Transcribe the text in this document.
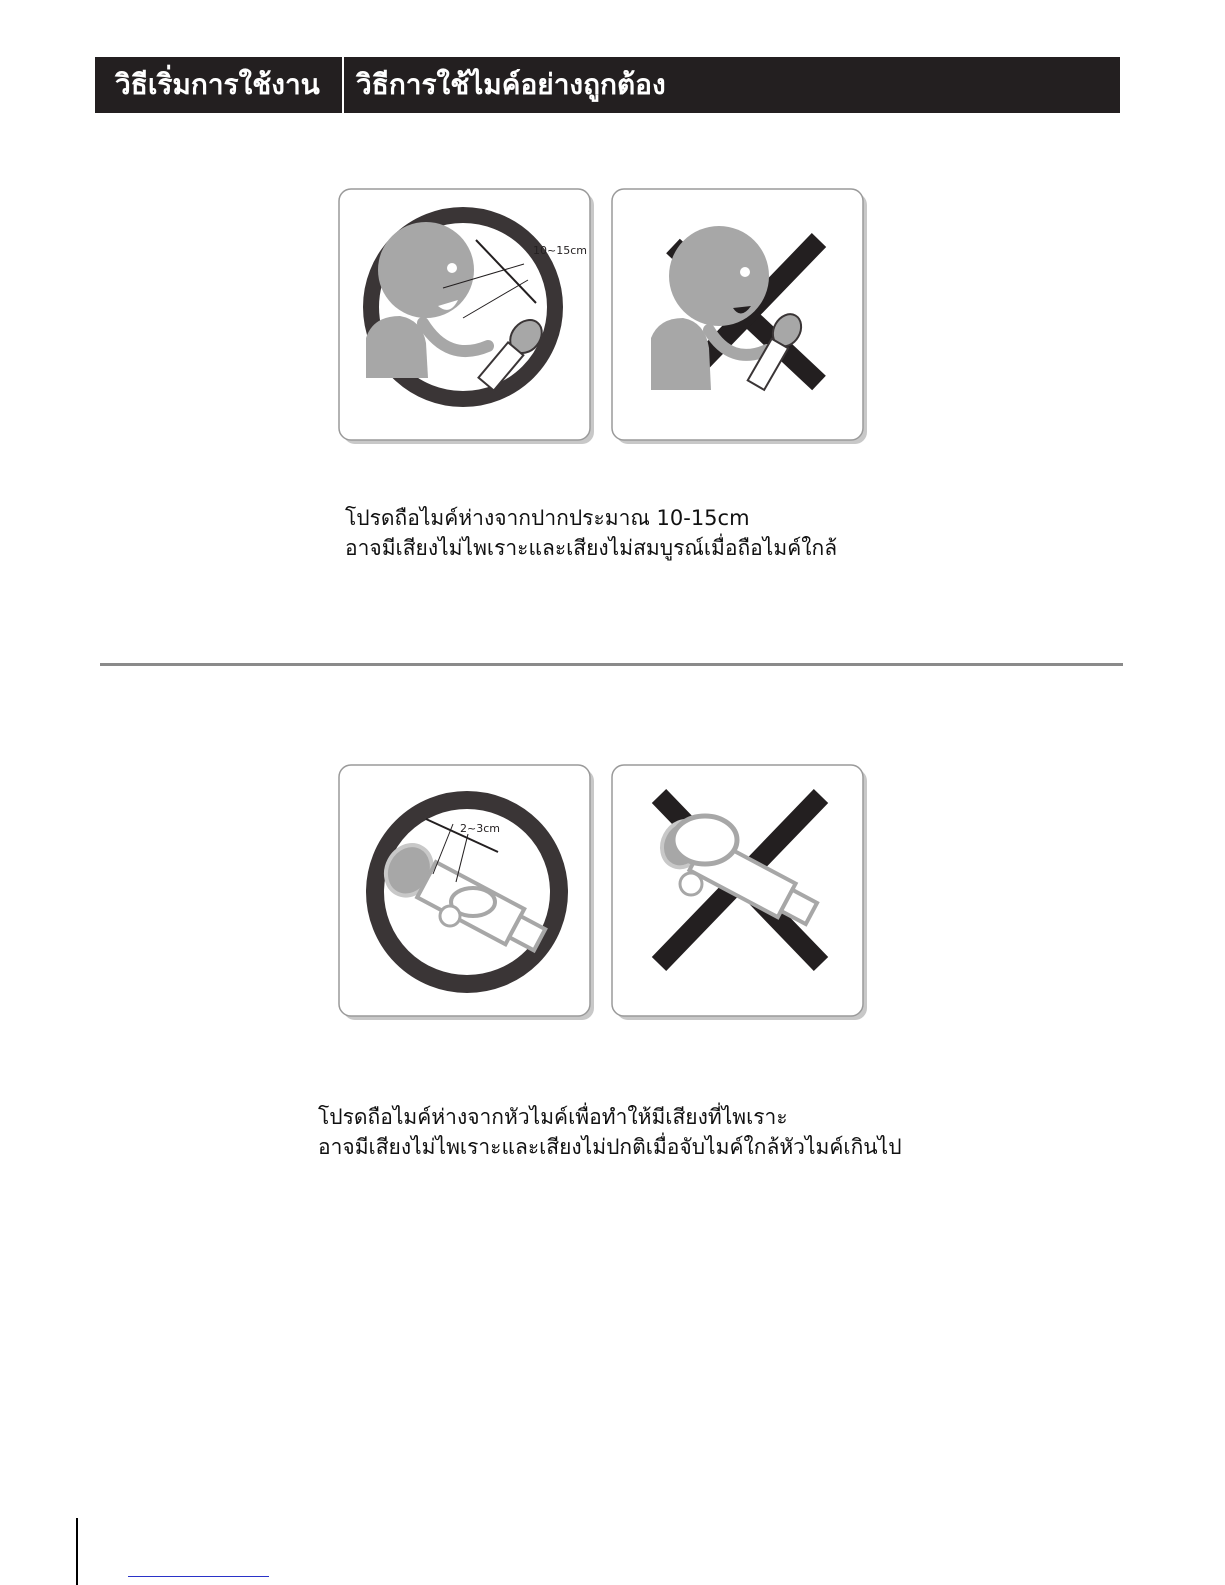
วิธีเริ่มการใช้งาน	วิธีการใช้ไมค์อย่างถูกต้อง
10~15cm
โปรดถือไมค์ห่างจากปากประมาณ 10-15cm
อาจมีเสียงไม่ไพเราะและเสียงไม่สมบูรณ์เมื่อถือไมค์ใกล้
2~3cm
โปรดถือไมค์ห่างจากหัวไมค์เพื่อทำให้มีเสียงที่ไพเราะ
อาจมีเสียงไม่ไพเราะและเสียงไม่ปกติเมื่อจับไมค์ใกล้หัวไมค์เกินไป
